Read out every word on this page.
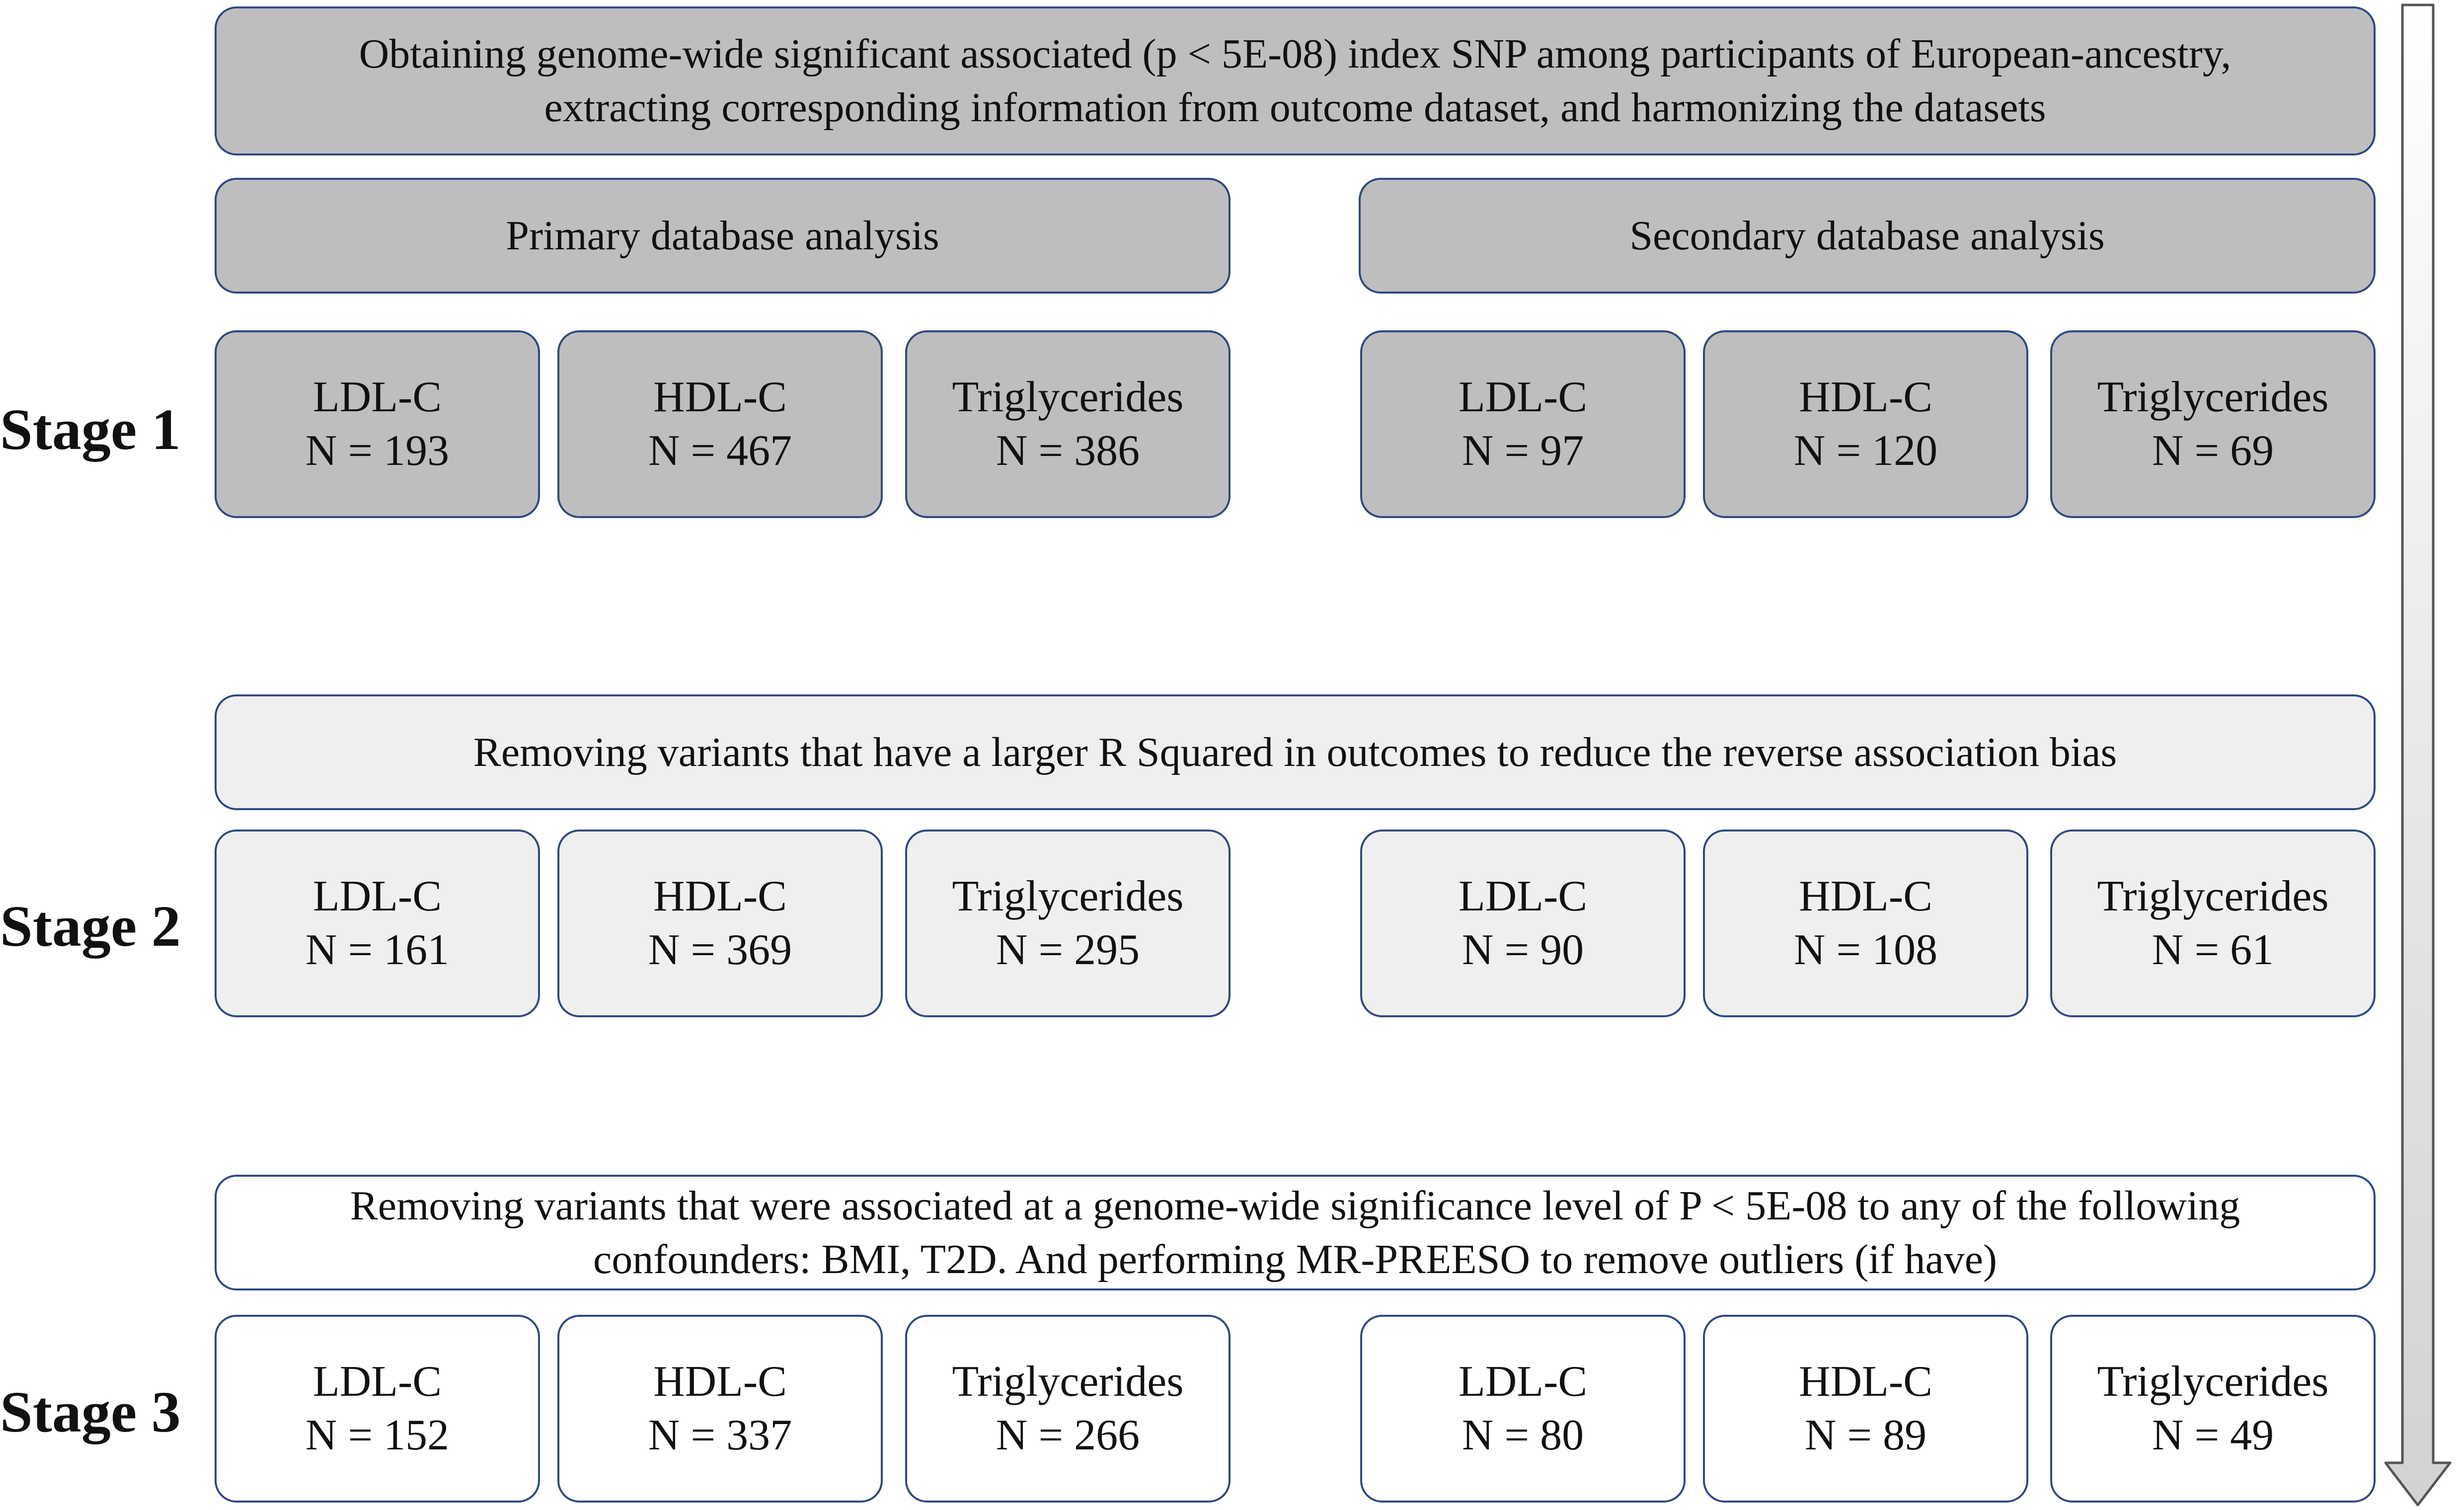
Obtaining genome-wide significant associated (p < 5E-08) index SNP among participants of European-ancestry,
extracting corresponding information from outcome dataset, and harmonizing the datasets
Primary database analysis	Secondary database analysis
Stage 1	LDL-C
N = 193
HDL-C
N = 467
Triglycerides
N = 386
LDL-C
N = 97
HDL-C
N = 120
Triglycerides
N = 69
Removing variants that have a larger R Squared in outcomes to reduce the reverse association bias
Stage 2	LDL-C
N = 161
HDL-C
N = 369
Triglycerides
N = 295
LDL-C
N = 90
HDL-C
N = 108
Triglycerides
N = 61
Removing variants that were associated at a genome-wide significance level of P < 5E-08 to any of the following
confounders: BMI, T2D. And performing MR-PREESO to remove outliers (if have)
Stage 3	LDL-C
N = 152
HDL-C
N = 337
Triglycerides
N = 266
LDL-C
N = 80
HDL-C
N = 89
Triglycerides
N = 49
